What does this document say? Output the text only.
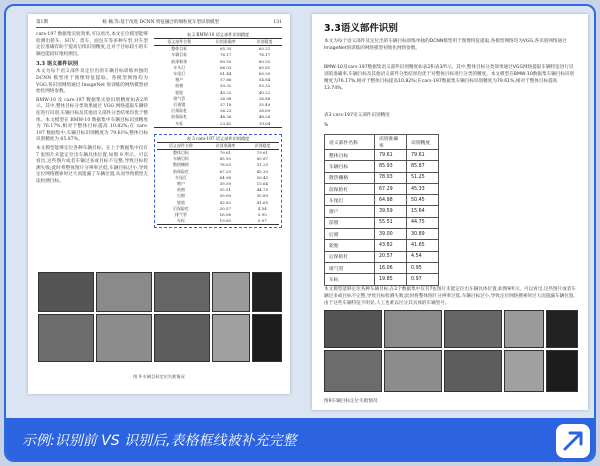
第1期	杨 楠,等:基于改进 DCNN 特征融合的细粒度车型识别模型	131

cars-197 数据集实验效果,可以看出,本文定位模型能够检测出轿车、SUV、货车、面包车等多种车型,对车型定位准确有助于提高后续识别精度,且对于目标较小的车辆也能较好地检测出。

3.3 语义部件识别

本文为每个语义部件及定位出的车辆目标训练单独的 DCNN 模型用于图像特征提取。各模型网络均为 VGG,各识别网络通过 ImageNet 预训练的网络模型初始化网络参数。

BMW-10 及 cars-197 数据集实验识别精度如表2所示。其中,整体目标分类效果通过 VGG 网络提取车辆特征进行识别,车辆目标及其他语义部件分类结果均优于整体。本文模型在 BMW-10 数据集中车辆目标识别精度为 76.17%,相对于整体目标提高 10.82%;在 cars-197 数据集中,车辆目标识别精度为 79.61%,整体目标识别精度为 65.87%。

本文模型能够定位各种车辆目标。在上个数据集中仅有 7 张图片未能定位出车辆具体位置,如图 9 所示。可以看出,这些图片或者车辆过多或目标不完整,导致目标检测失败;此时将整体图片分辨率过低,车辆目标过小,导致定位网络搜索时过大而遗漏了车辆位置,从而导致模型无法检测目标。

表 2 BMW-10 语义部件识别精度
语义部件名称	识别准确率	识别精度
整体目标	65.35	65.21
车辆目标	76.17	76.17
前部框体	80.55	80.55
车头灯	66.03	65.81
车尾灯	61.44	60.95
窗户	57.66	54.84
前窗	59.32	55.32
轮胎	40.22	40.22
排气管	26.98	26.86
后视镜	37.18	35.49
后保险杠	36.23	36.69
前保险杠	46.26	46.26
车标	23.42	19.04
表 3 cars-197 语义部件识别精度
语义部件名称	识别准确率	识别精度
整体目标	79.61	79.61
车辆目标	85.93	85.87
散热栅格	78.03	51.25
前保险杠	67.29	45.33
车尾灯	64.98	50.45
窗户	39.59	15.64
前窗	55.51	44.75
后窗	39.00	30.89
轮胎	43.82	41.65
后保险杠	20.57	4.54
排气管	16.06	0.95
车标	19.85	0.97
图 9 车辆目标定位失败情况
3.3语义部件识别
本文为每个语义部件及定位出的车辆目标训练单独的DCNN模型用于图像特征提取,各模型网络均为VGG,各识别网络通过ImageNet预训练的网络模型初始化网络参数。
BMW-10及cars-197数据集语义部件识别精度如表2和表3所示。其中,整体目标分类效果通过VGG网络提取车辆特征进行识别的准确率,车辆目标及其他语义部件分类结果均优于对整体目标进行分类的精度。本文模型在BMW-10数据集车辆目标识别精度为76.17%,相对于整体目标提高10.82%;在cars-197数据集车辆目标识别精度为79.61%,相对于整体目标提高13.74%。
表3 cars-197语义部件识别精度
%
语义部件名称	识别准确率	识别精度
整体目标	79.61	79.61
车辆目标	85.93	85.87
散热栅格	78.03	51.25
前保险杠	67.29	45.33
车尾灯	64.98	50.45
窗户	39.59	15.64
前窗	55.51	44.75
后窗	39.00	30.89
轮胎	43.82	41.65
后保险杠	20.57	4.54
排气管	16.06	0.95
车标	19.85	0.97
本文模型能够定位各种车辆目标,在2个数据集中仅有7张图片未能定位出车辆具体位置,如图9所示。可以看出,这些图片或者车辆过多或目标不完整,导致目标检测失败;此时将整体图片分辨率过低,车辆目标过小,导致定位网络搜索时过大而遗漏车辆位置,由于这些车辆特征不明显,人工也难以区分其具体的车辆型号。
图9车辆目标定位失败情况
示例:识别前 VS 识别后,表格框线被补充完整
